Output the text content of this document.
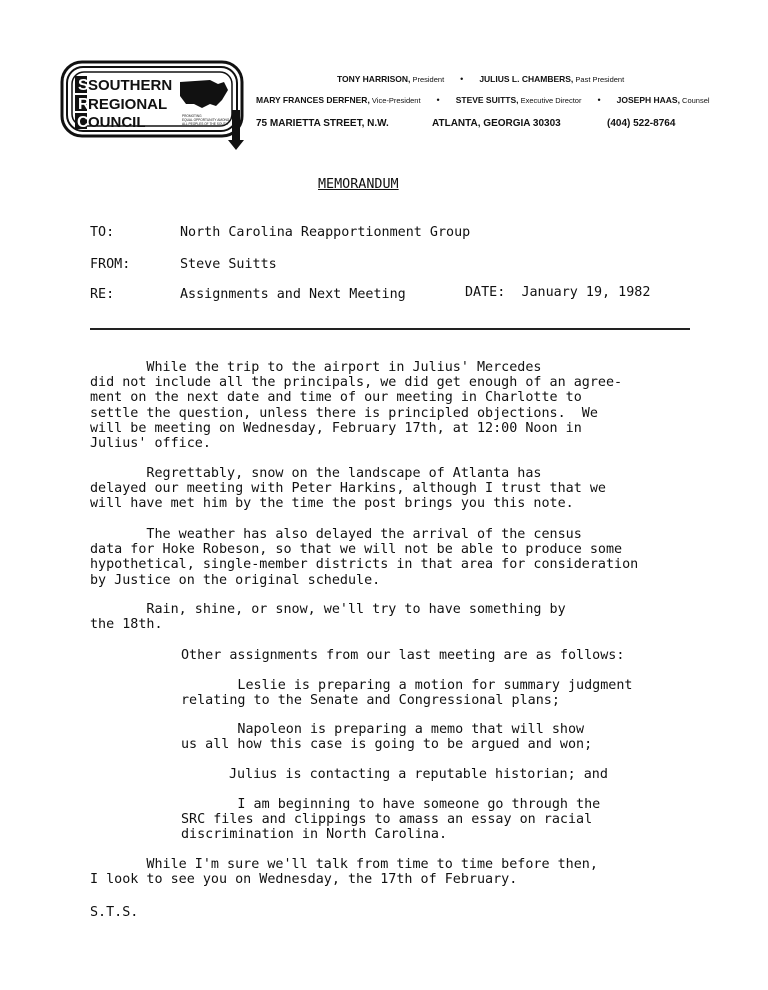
S
R
C
SOUTHERN
REGIONAL
OUNCIL	PROMOTING
EQUAL OPPORTUNITY AMONG
ALL PEOPLES OF THE SOUTH
TONY HARRISON, President • JULIUS L. CHAMBERS, Past President
MARY FRANCES DERFNER, Vice-President • STEVE SUITTS, Executive Director • JOSEPH HAAS, Counsel
75 MARIETTA STREET, N.W.	ATLANTA, GEORGIA 30303	(404) 522-8764
MEMORANDUM
TO:	North Carolina Reapportionment Group
FROM:	Steve Suitts
RE:	Assignments and Next Meeting	DATE: January 19, 1982
While the trip to the airport in Julius' Mercedes
did not include all the principals, we did get enough of an agree-
ment on the next date and time of our meeting in Charlotte to
settle the question, unless there is principled objections.  We
will be meeting on Wednesday, February 17th, at 12:00 Noon in
Julius' office.
Regrettably, snow on the landscape of Atlanta has
delayed our meeting with Peter Harkins, although I trust that we
will have met him by the time the post brings you this note.
The weather has also delayed the arrival of the census
data for Hoke Robeson, so that we will not be able to produce some
hypothetical, single-member districts in that area for consideration
by Justice on the original schedule.
Rain, shine, or snow, we'll try to have something by
the 18th.
Other assignments from our last meeting are as follows:
Leslie is preparing a motion for summary judgment
relating to the Senate and Congressional plans;
Napoleon is preparing a memo that will show
us all how this case is going to be argued and won;
Julius is contacting a reputable historian; and
I am beginning to have someone go through the
SRC files and clippings to amass an essay on racial
discrimination in North Carolina.
While I'm sure we'll talk from time to time before then,
I look to see you on Wednesday, the 17th of February.
S.T.S.
